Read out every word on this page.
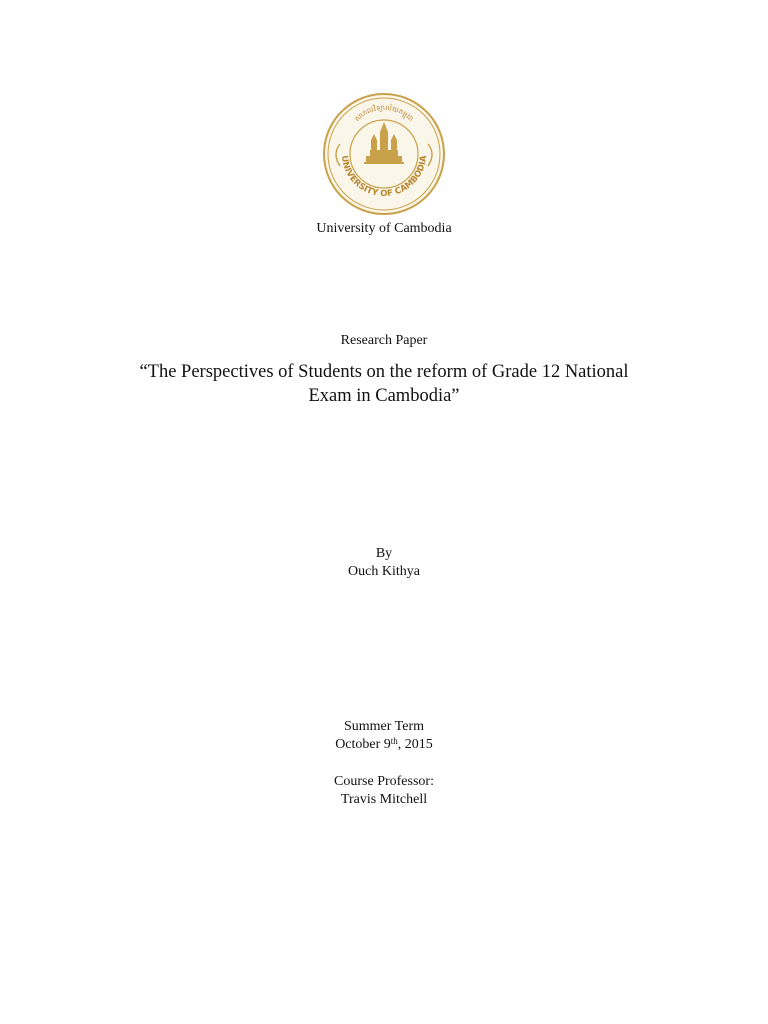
សាកលវិទ្យាល័យកម្ពុជា
UNIVERSITY OF CAMBODIA
University of Cambodia
Research Paper
“The Perspectives of Students on the reform of Grade 12 National
Exam in Cambodia”
By
Ouch Kithya
Summer Term
October 9th, 2015
Course Professor:
Travis Mitchell
